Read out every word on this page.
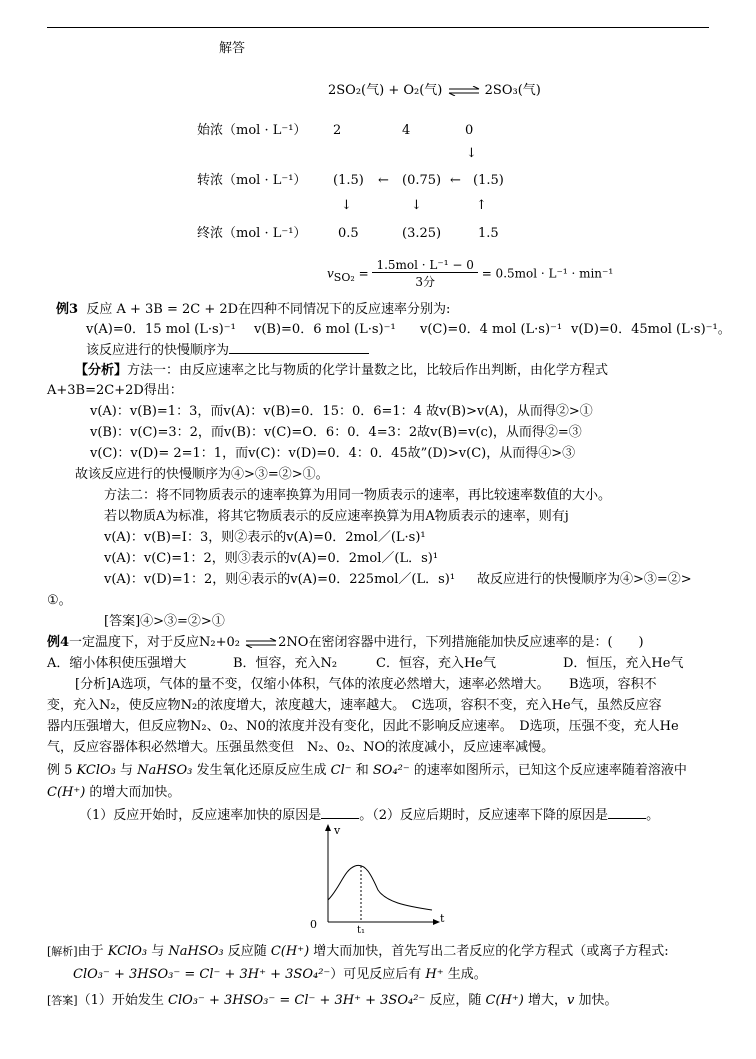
解答
2SO₂(气) + O₂(气) ⇌ 2SO₃(气)
始浓（mol · L⁻¹） 2	4	0
↓
转浓（mol · L⁻¹） (1.5) ← (0.75) ← (1.5)
↓	↓	↑
终浓（mol · L⁻¹） 0.5	(3.25)	1.5
$v_{SO_2} = \frac{\text{1.5mol · L⁻¹ − 0}}{\text{3分}} = 0.5mol \cdot L^{-1} \cdot \min^{-1}$
例3 反应 A + 3B = 2C + 2D在四种不同情况下的反应速率分别为:
v(A)=0．15 mol (L·s)⁻¹ v(B)=0．6 mol (L·s)⁻¹ v(C)=0．4 mol (L·s)⁻¹ v(D)=0．45mol (L·s)⁻¹。
该反应进行的快慢顺序为
【分析】方法一：由反应速率之比与物质的化学计量数之比，比较后作出判断，由化学方程式
A+3B=2C+2D得出：
v(A)：v(B)=1：3，而v(A)：v(B)=0．15：0．6=1：4 故v(B)>v(A)，从而得②>①
v(B)：v(C)=3：2，而v(B)：v(C)=O．6：0．4=3：2故v(B)=v(c)，从而得②=③
v(C)：v(D)= 2=1：1，而v(C)：v(D)=0．4：0．45故”(D)>v(C)，从而得④>③
故该反应进行的快慢顺序为④>③=②>①。
方法二：将不同物质表示的速率换算为用同一物质表示的速率，再比较速率数值的大小。
若以物质A为标准，将其它物质表示的反应速率换算为用A物质表示的速率，则有j
v(A)：v(B)=I：3，则②表示的v(A)=0．2mol／(L·s)¹
v(A)：v(C)=1：2，则③表示的v(A)=0．2mol／(L．s)¹
v(A)：v(D)=1：2，则④表示的v(A)=0．225mol／(L．s)¹ 故反应进行的快慢顺序为④>③=②>
①。
[答案]④>③=②>①
例4一定温度下，对于反应N₂+0₂	2NO在密闭容器中进行，下列措施能加快反应速率的是：(　　)
A．缩小体积使压强增大	B．恒容，充入N₂	C．恒容，充入He气	D．恒压，充入He气
[分析]A选项，气体的量不变，仅缩小体积，气体的浓度必然增大，速率必然增大。　　B选项，容积不
变，充入N₂，使反应物N₂的浓度增大，浓度越大，速率越大。　C选项，容积不变，充入He气，虽然反应容
器内压强增大，但反应物N₂、0₂、N0的浓度并没有变化，因此不影响反应速率。　D选项，压强不变，充人He
气，反应容器体积必然增大。压强虽然变但　N₂、0₂、NO的浓度减小，反应速率减慢。
例 5 KClO₃ 与 NaHSO₃ 发生氧化还原反应生成 Cl⁻ 和 SO₄²⁻ 的速率如图所示，已知这个反应速率随着溶液中
C(H⁺) 的增大而加快。
（1）反应开始时，反应速率加快的原因是	。（2）反应后期时，反应速率下降的原因是	。
v
t
0	t₁
[解析]由于 KClO₃ 与 NaHSO₃ 反应随 C(H⁺) 增大而加快，首先写出二者反应的化学方程式（或离子方程式:
ClO₃⁻ + 3HSO₃⁻ = Cl⁻ + 3H⁺ + 3SO₄²⁻）可见反应后有 H⁺ 生成。
[答案]（1）开始发生 ClO₃⁻ + 3HSO₃⁻ = Cl⁻ + 3H⁺ + 3SO₄²⁻ 反应，随 C(H⁺) 增大，v 加快。
